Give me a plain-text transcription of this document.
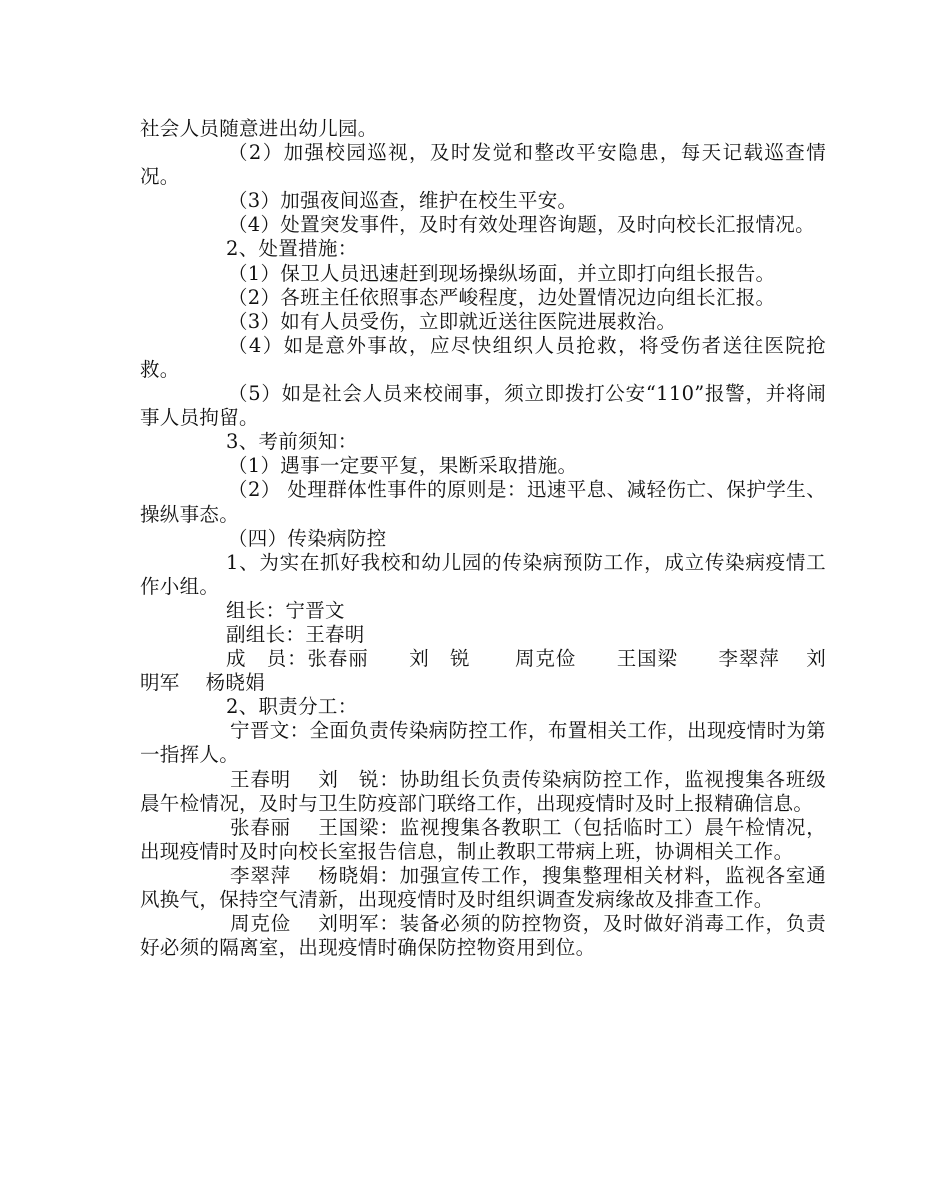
社会人员随意进出幼儿园。

（2）加强校园巡视，及时发觉和整改平安隐患，每天记载巡查情况。

（3）加强夜间巡查，维护在校生平安。

（4）处置突发事件，及时有效处理咨询题，及时向校长汇报情况。

2、处置措施：

（1）保卫人员迅速赶到现场操纵场面，并立即打向组长报告。

（2）各班主任依照事态严峻程度，边处置情况边向组长汇报。

（3）如有人员受伤，立即就近送往医院进展救治。

（4）如是意外事故，应尽快组织人员抢救，将受伤者送往医院抢救。

（5）如是社会人员来校闹事，须立即拨打公安“110”报警，并将闹事人员拘留。

3、考前须知：

（1）遇事一定要平复，果断采取措施。

（2） 处理群体性事件的原则是：迅速平息、减轻伤亡、保护学生、操纵事态。

（四）传染病防控

1、为实在抓好我校和幼儿园的传染病预防工作，成立传染病疫情工作小组。

组长：宁晋文

副组长：王春明

成　员：张春丽 刘　锐 周克俭 王国梁 李翠萍 刘明军 杨晓娟

2、职责分工：

宁晋文：全面负责传染病防控工作，布置相关工作，出现疫情时为第一指挥人。

王春明　 刘　锐：协助组长负责传染病防控工作，监视搜集各班级晨午检情况，及时与卫生防疫部门联络工作，出现疫情时及时上报精确信息。

张春丽　 王国梁：监视搜集各教职工（包括临时工）晨午检情况，出现疫情时及时向校长室报告信息，制止教职工带病上班，协调相关工作。

李翠萍　 杨晓娟：加强宣传工作，搜集整理相关材料，监视各室通风换气，保持空气清新，出现疫情时及时组织调查发病缘故及排查工作。

周克俭　 刘明军：装备必须的防控物资，及时做好消毒工作，负责好必须的隔离室，出现疫情时确保防控物资用到位。
